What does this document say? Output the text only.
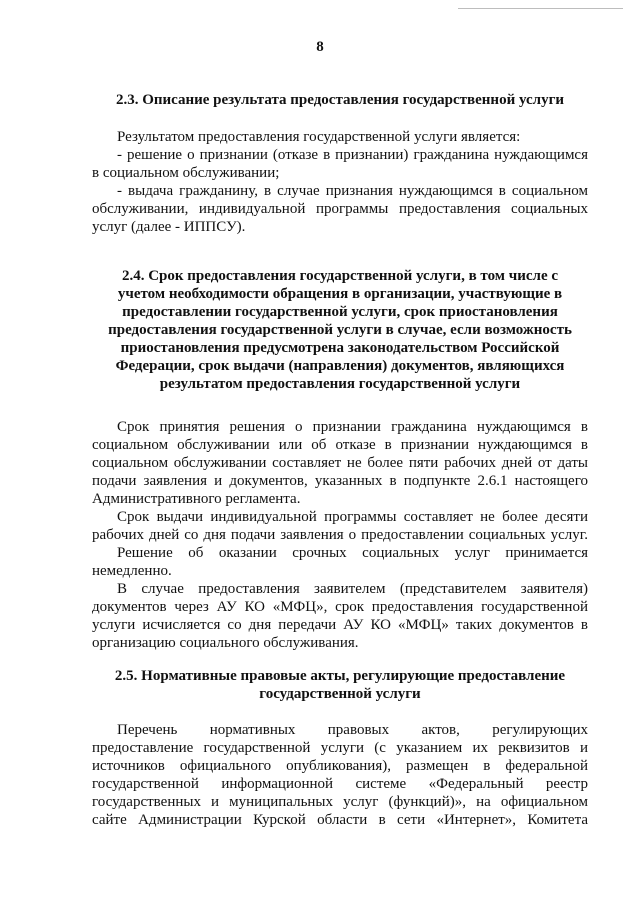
8
2.3. Описание результата предоставления государственной услуги
Результатом предоставления государственной услуги является:
- решение о признании (отказе в признании) гражданина нуждающимся
в социальном обслуживании;
- выдача гражданину, в случае признания нуждающимся в социальном
обслуживании, индивидуальной программы предоставления социальных
услуг (далее - ИППСУ).
2.4. Срок предоставления государственной услуги, в том числе с
учетом необходимости обращения в организации, участвующие в
предоставлении государственной услуги, срок приостановления
предоставления государственной услуги в случае, если возможность
приостановления предусмотрена законодательством Российской
Федерации, срок выдачи (направления) документов, являющихся
результатом предоставления государственной услуги
Срок принятия решения о признании гражданина нуждающимся в
социальном обслуживании или об отказе в признании нуждающимся в
социальном обслуживании составляет не более пяти рабочих дней от даты
подачи заявления и документов, указанных в подпункте 2.6.1 настоящего
Административного регламента.
Срок выдачи индивидуальной программы составляет не более десяти
рабочих дней со дня подачи заявления о предоставлении социальных услуг.
Решение об оказании срочных социальных услуг принимается
немедленно.
В случае предоставления заявителем (представителем заявителя)
документов через АУ КО «МФЦ», срок предоставления государственной
услуги исчисляется со дня передачи АУ КО «МФЦ» таких документов в
организацию социального обслуживания.
2.5. Нормативные правовые акты, регулирующие предоставление
государственной услуги
Перечень нормативных правовых актов, регулирующих
предоставление государственной услуги (с указанием их реквизитов и
источников официального опубликования), размещен в федеральной
государственной информационной системе «Федеральный реестр
государственных и муниципальных услуг (функций)», на официальном
сайте Администрации Курской области в сети «Интернет», Комитета
